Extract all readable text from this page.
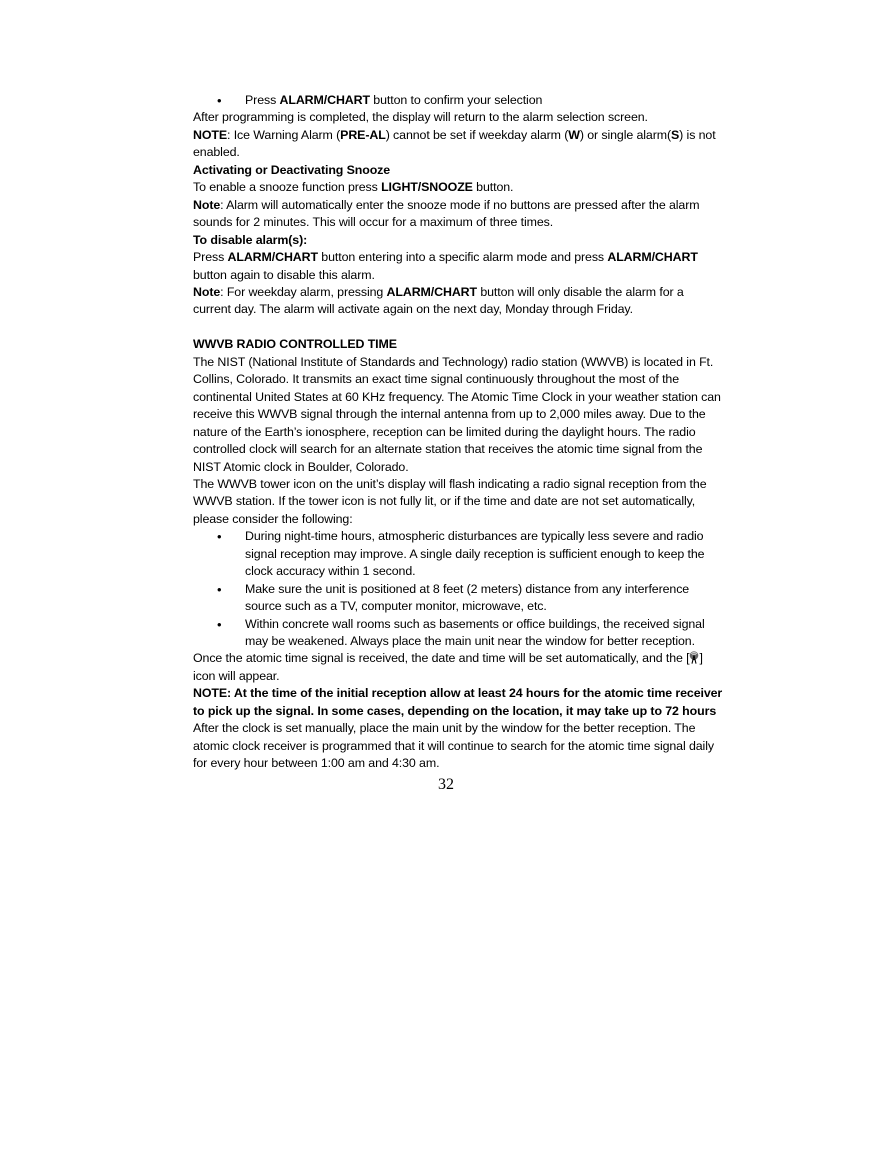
• Press ALARM/CHART button to confirm your selection

After programming is completed, the display will return to the alarm selection screen.

NOTE: Ice Warning Alarm (PRE-AL) cannot be set if weekday alarm (W) or single alarm(S) is not enabled.

Activating or Deactivating Snooze

To enable a snooze function press LIGHT/SNOOZE button.

Note: Alarm will automatically enter the snooze mode if no buttons are pressed after the alarm sounds for 2 minutes. This will occur for a maximum of three times.

To disable alarm(s):

Press ALARM/CHART button entering into a specific alarm mode and press ALARM/CHART button again to disable this alarm.

Note: For weekday alarm, pressing ALARM/CHART button will only disable the alarm for a current day. The alarm will activate again on the next day, Monday through Friday.

WWVB RADIO CONTROLLED TIME

The NIST (National Institute of Standards and Technology) radio station (WWVB) is located in Ft. Collins, Colorado. It transmits an exact time signal continuously throughout the most of the continental United States at 60 KHz frequency. The Atomic Time Clock in your weather station can receive this WWVB signal through the internal antenna from up to 2,000 miles away. Due to the nature of the Earth’s ionosphere, reception can be limited during the daylight hours. The radio controlled clock will search for an alternate station that receives the atomic time signal from the NIST Atomic clock in Boulder, Colorado.

The WWVB tower icon on the unit’s display will flash indicating a radio signal reception from the WWVB station. If the tower icon is not fully lit, or if the time and date are not set automatically, please consider the following:

• During night-time hours, atmospheric disturbances are typically less severe and radio signal reception may improve. A single daily reception is sufficient enough to keep the clock accuracy within 1 second.
• Make sure the unit is positioned at 8 feet (2 meters) distance from any interference source such as a TV, computer monitor, microwave, etc.
• Within concrete wall rooms such as basements or office buildings, the received signal may be weakened. Always place the main unit near the window for better reception.

Once the atomic time signal is received, the date and time will be set automatically, and the [ ] icon will appear.

NOTE: At the time of the initial reception allow at least 24 hours for the atomic time receiver to pick up the signal. In some cases, depending on the location, it may take up to 72 hours

After the clock is set manually, place the main unit by the window for the better reception. The atomic clock receiver is programmed that it will continue to search for the atomic time signal daily for every hour between 1:00 am and 4:30 am.

32
